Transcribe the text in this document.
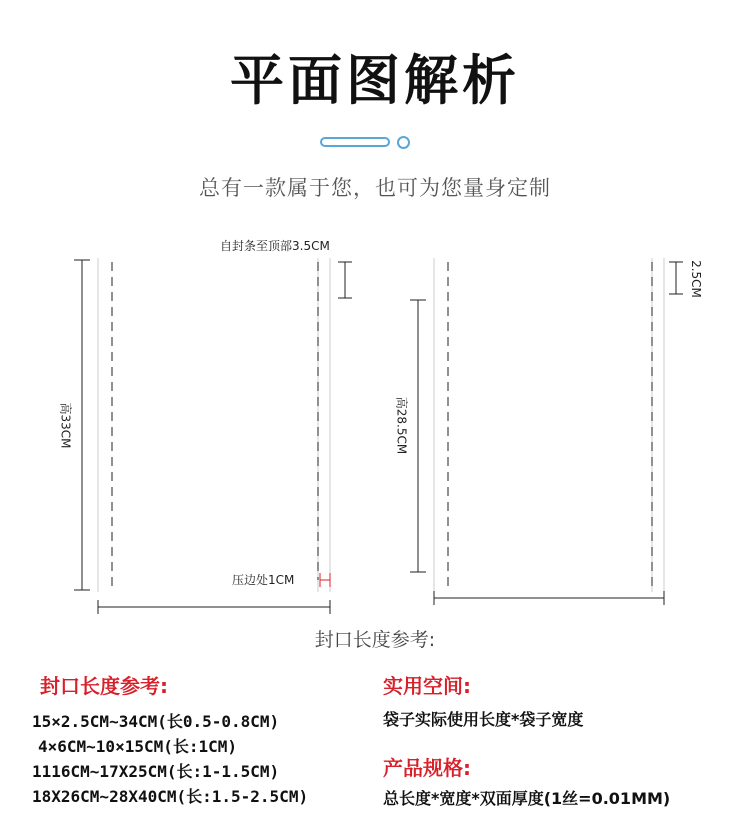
平面图解析
总有一款属于您，也可为您量身定制
自封条至顶部3.5CM
高33CM
压边处1CM
2.5CM
高28.5CM
封口长度参考:
封口长度参考:
15×2.5CM~34CM(长0.5-0.8CM)
4×6CM~10×15CM(长:1CM)
1116CM~17X25CM(长:1-1.5CM)
18X26CM~28X40CM(长:1.5-2.5CM)
实用空间:
袋子实际使用长度*袋子宽度
产品规格:
总长度*宽度*双面厚度(1丝=0.01MM)
